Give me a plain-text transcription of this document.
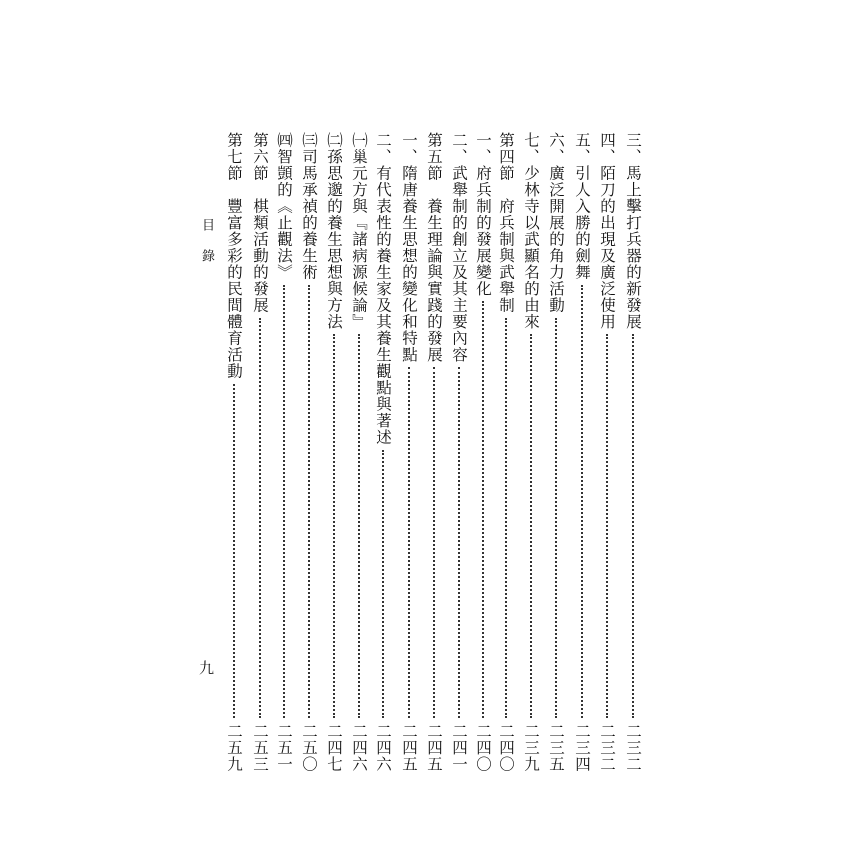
目錄
九
三、馬上擊打兵器的新發展
二三二
四、陌刀的出現及廣泛使用
二三二
五、引人入勝的劍舞
二三四
六、廣泛開展的角力活動
二三五
七、少林寺以武顯名的由來
二三九
第四節　府兵制與武舉制
二四〇
一、府兵制的發展變化
二四〇
二、武舉制的創立及其主要內容
二四一
第五節　養生理論與實踐的發展
二四五
一、隋唐養生思想的變化和特點
二四五
二、有代表性的養生家及其養生觀點與著述
二四六
㈠巢元方與『諸病源候論』
二四六
㈡孫思邈的養生思想與方法
二四七
㈢司馬承禎的養生術
二五〇
㈣智顗的《止觀法》
二五一
第六節　棋類活動的發展
二五三
第七節　豐富多彩的民間體育活動
二五九
